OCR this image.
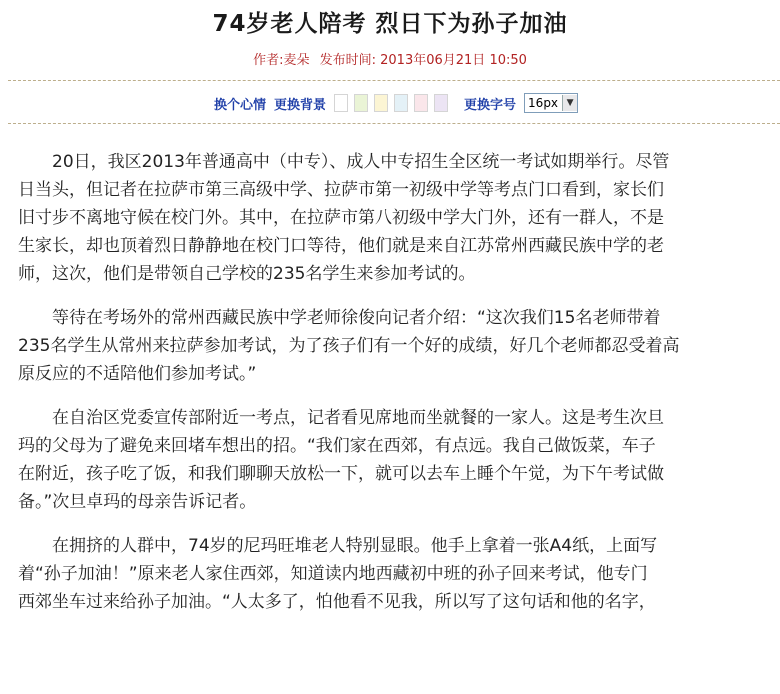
74岁老人陪考 烈日下为孙子加油
作者:麦朵 发布时间: 2013年06月21日 10:50
换个心情 更换背景	更换字号 16px ▼

20日，我区2013年普通高中（中专）、成人中专招生全区统一考试如期举行。尽管
日当头，但记者在拉萨市第三高级中学、拉萨市第一初级中学等考点门口看到，家长们
旧寸步不离地守候在校门外。其中，在拉萨市第八初级中学大门外，还有一群人，不是
生家长，却也顶着烈日静静地在校门口等待，他们就是来自江苏常州西藏民族中学的老
师，这次，他们是带领自己学校的235名学生来参加考试的。

等待在考场外的常州西藏民族中学老师徐俊向记者介绍：“这次我们15名老师带着
235名学生从常州来拉萨参加考试，为了孩子们有一个好的成绩，好几个老师都忍受着高
原反应的不适陪他们参加考试。”

在自治区党委宣传部附近一考点，记者看见席地而坐就餐的一家人。这是考生次旦
玛的父母为了避免来回堵车想出的招。“我们家在西郊，有点远。我自己做饭菜，车子
在附近，孩子吃了饭，和我们聊聊天放松一下，就可以去车上睡个午觉，为下午考试做
备。”次旦卓玛的母亲告诉记者。

在拥挤的人群中，74岁的尼玛旺堆老人特别显眼。他手上拿着一张A4纸，上面写
着“孙子加油！”原来老人家住西郊，知道读内地西藏初中班的孙子回来考试，他专门
西郊坐车过来给孙子加油。“人太多了，怕他看不见我，所以写了这句话和他的名字，
